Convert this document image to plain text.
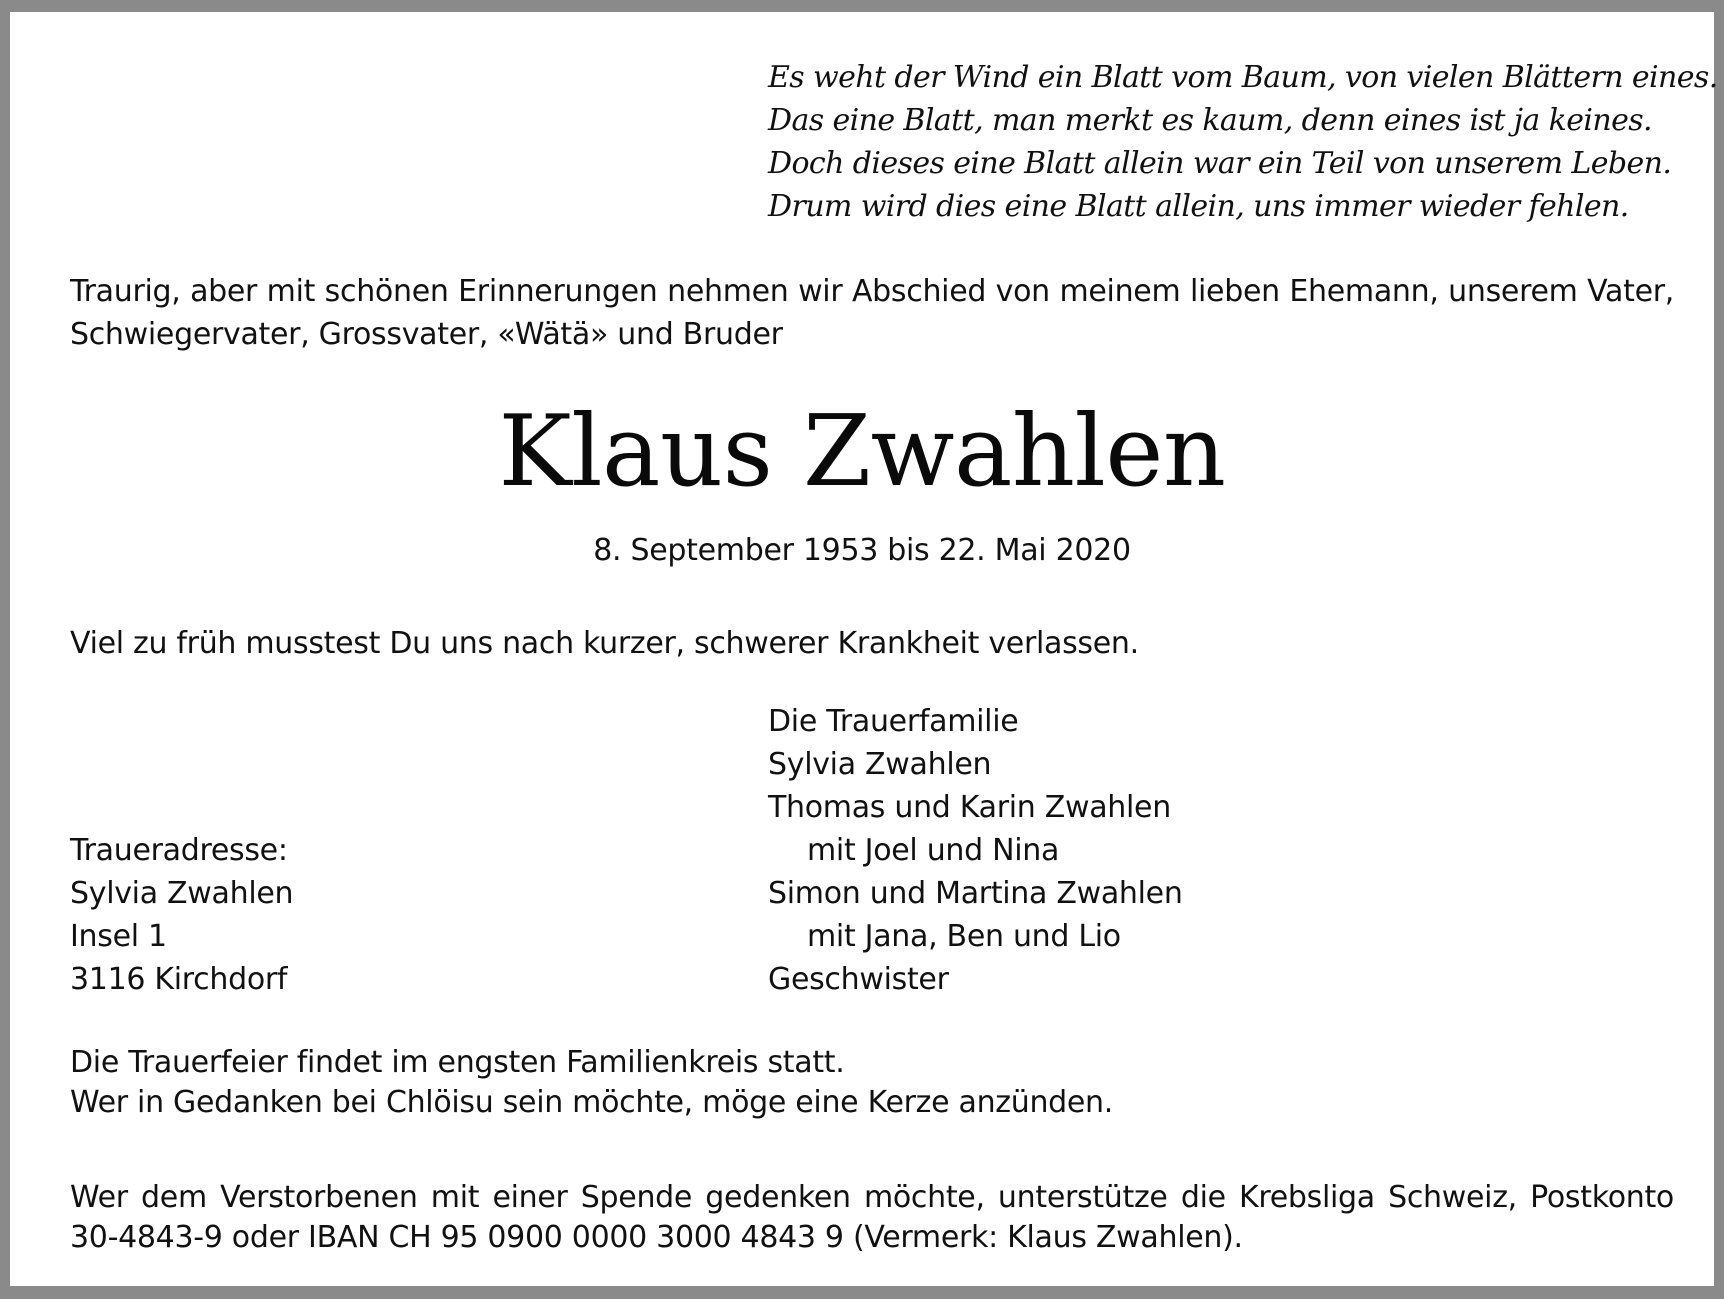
Es weht der Wind ein Blatt vom Baum, von vielen Blättern eines.
Das eine Blatt, man merkt es kaum, denn eines ist ja keines.
Doch dieses eine Blatt allein war ein Teil von unserem Leben.
Drum wird dies eine Blatt allein, uns immer wieder fehlen.
Traurig, aber mit schönen Erinnerungen nehmen wir Abschied von meinem lieben Ehemann, unserem Vater,
Schwiegervater, Grossvater, «Wätä» und Bruder
Klaus Zwahlen
8. September 1953 bis 22. Mai 2020
Viel zu früh musstest Du uns nach kurzer, schwerer Krankheit verlassen.
Die Trauerfamilie
Sylvia Zwahlen
Thomas und Karin Zwahlen
mit Joel und Nina
Simon und Martina Zwahlen
mit Jana, Ben und Lio
Geschwister
Traueradresse:
Sylvia Zwahlen
Insel 1
3116 Kirchdorf
Die Trauerfeier findet im engsten Familienkreis statt.
Wer in Gedanken bei Chlöisu sein möchte, möge eine Kerze anzünden.
Wer dem Verstorbenen mit einer Spende gedenken möchte, unterstütze die Krebsliga Schweiz, Postkonto
30-4843-9 oder IBAN CH 95 0900 0000 3000 4843 9 (Vermerk: Klaus Zwahlen).
